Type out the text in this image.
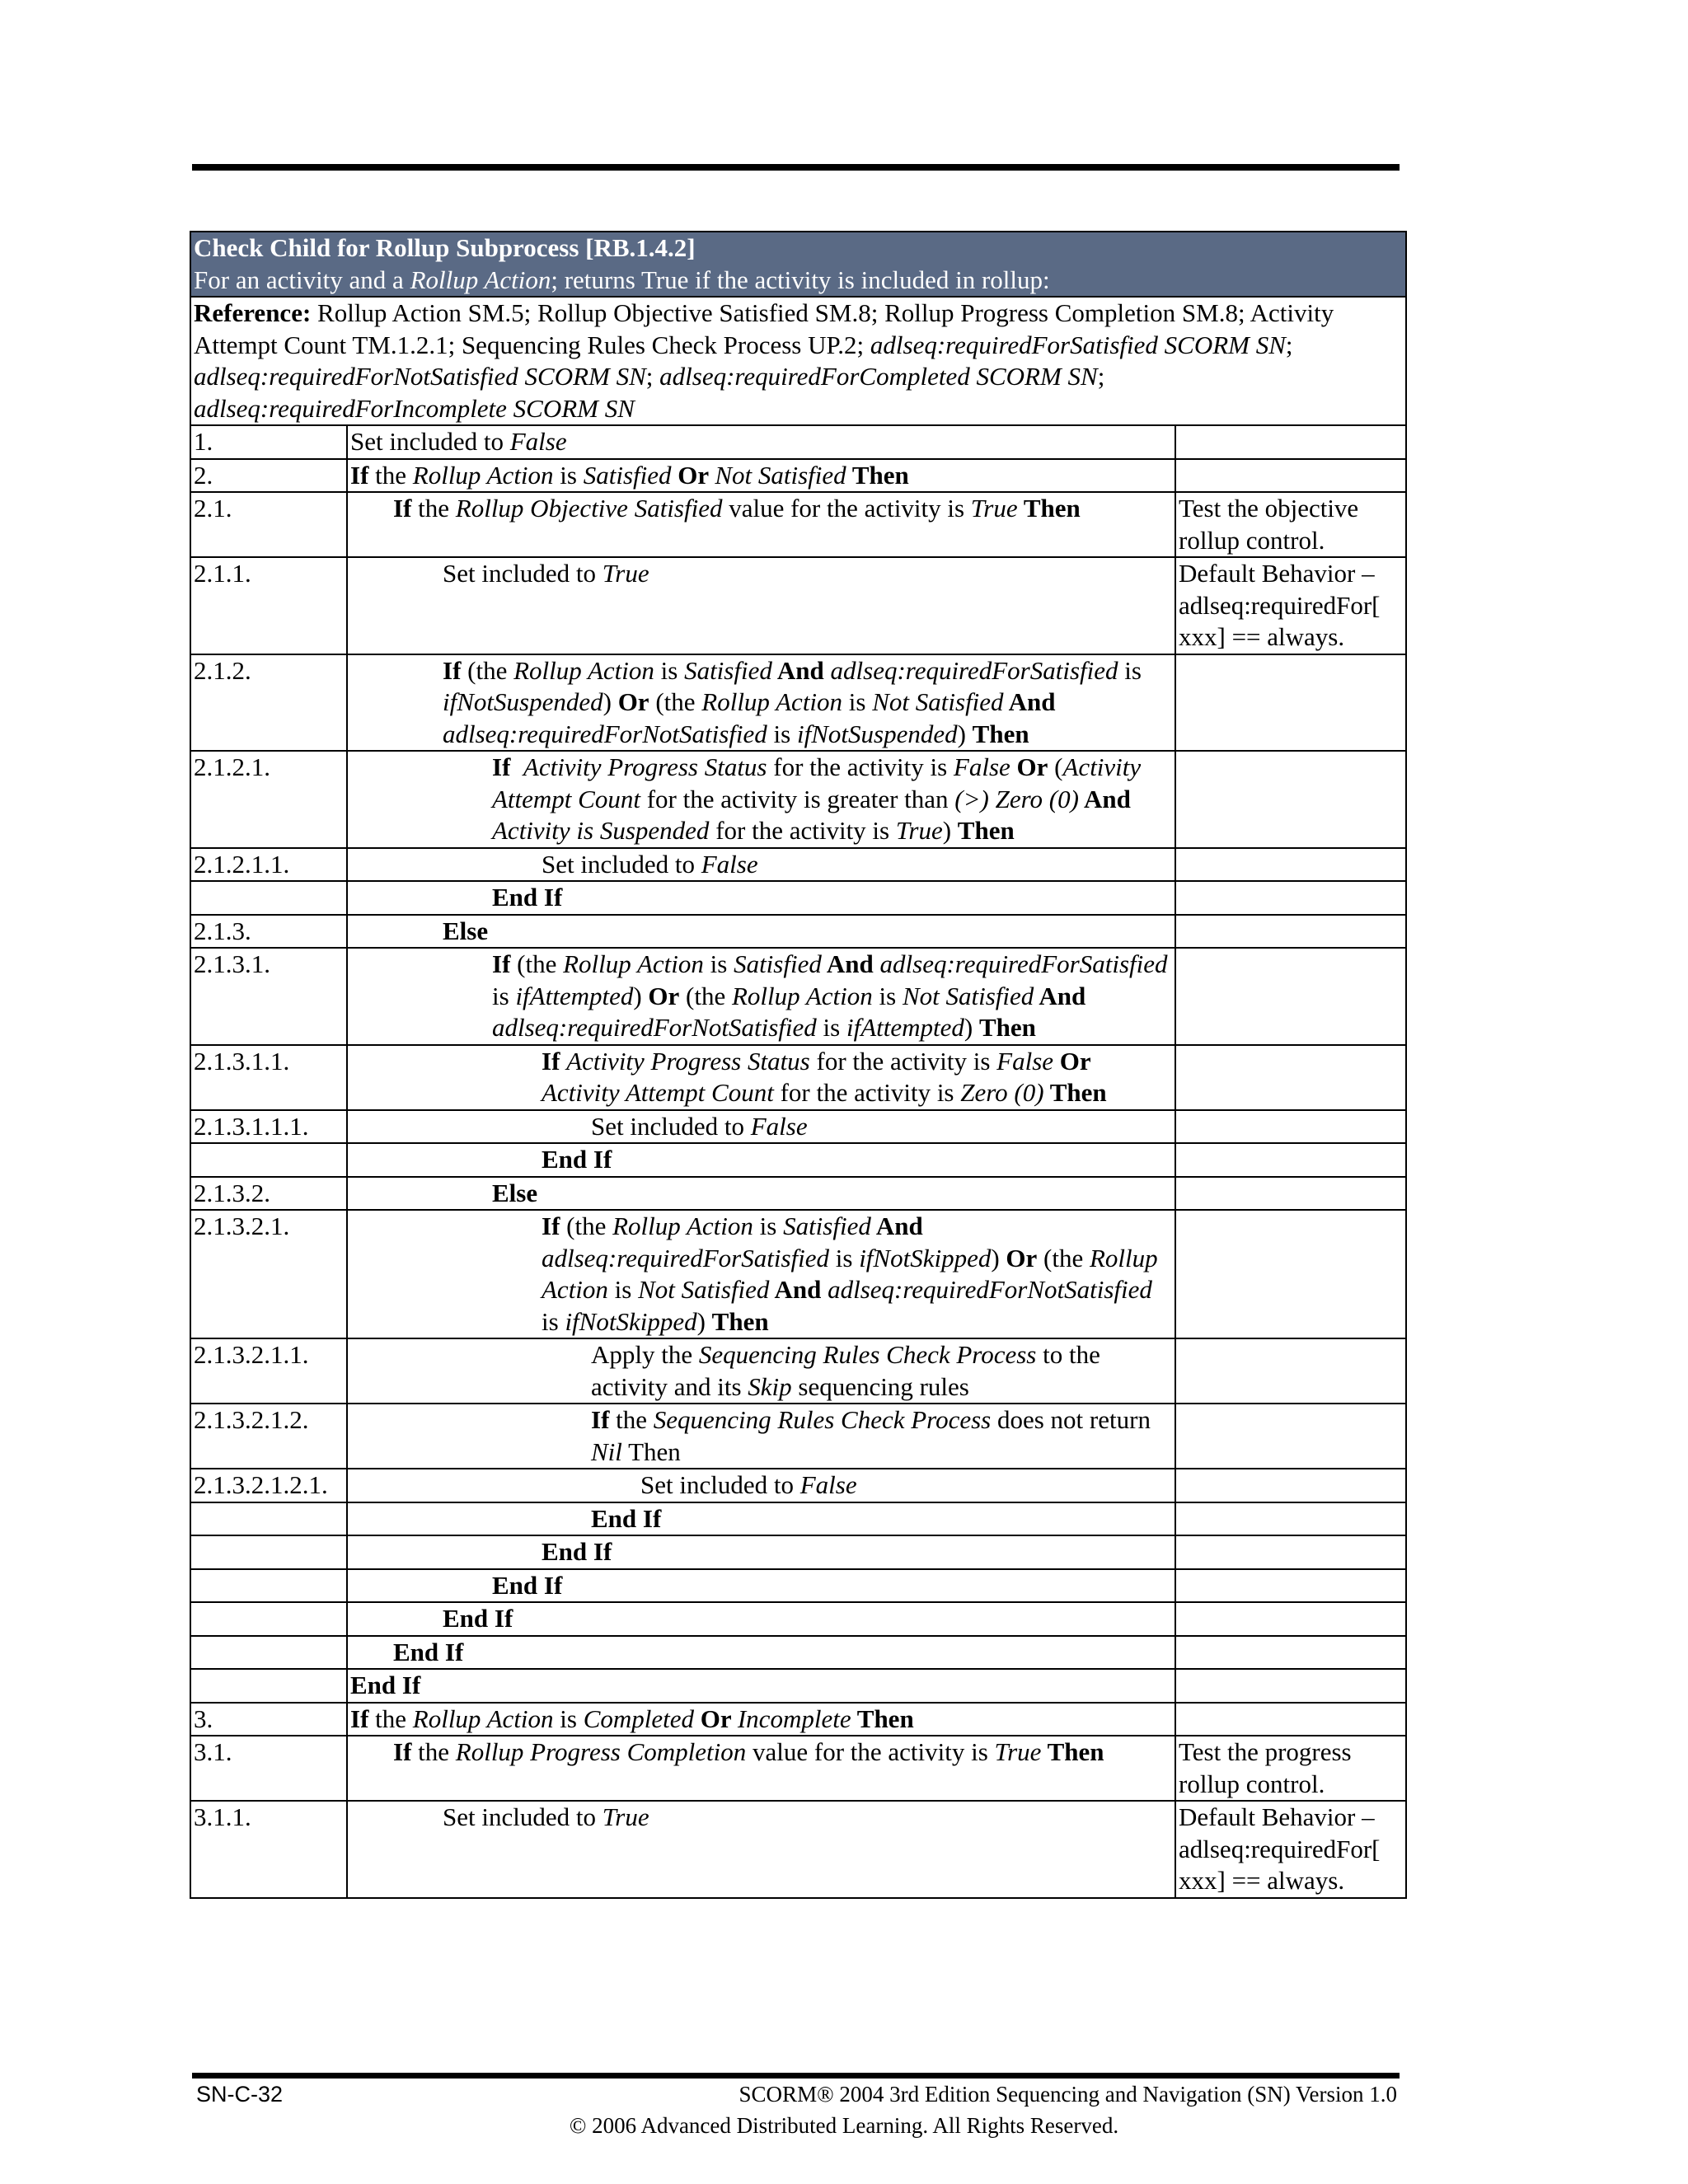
Check Child for Rollup Subprocess [RB.1.4.2]
For an activity and a Rollup Action; returns True if the activity is included in rollup:		

Reference: Rollup Action SM.5; Rollup Objective Satisfied SM.8; Rollup Progress Completion SM.8; Activity Attempt Count TM.1.2.1; Sequencing Rules Check Process UP.2; adlseq:requiredForSatisfied SCORM SN; adlseq:requiredForNotSatisfied SCORM SN; adlseq:requiredForCompleted SCORM SN; adlseq:requiredForIncomplete SCORM SN		
1.	Set included to False	
2.	If the Rollup Action is Satisfied Or Not Satisfied Then	
2.1.	If the Rollup Objective Satisfied value for the activity is True Then	Test the objective rollup control.
2.1.1.	Set included to True	Default Behavior – adlseq:requiredFor[ xxx] == always.
2.1.2.	If (the Rollup Action is Satisfied And adlseq:requiredForSatisfied is ifNotSuspended) Or (the Rollup Action is Not Satisfied And adlseq:requiredForNotSatisfied is ifNotSuspended) Then	
2.1.2.1.	If Activity Progress Status for the activity is False Or (Activity Attempt Count for the activity is greater than (>) Zero (0) And Activity is Suspended for the activity is True) Then	
2.1.2.1.1.	Set included to False	
	End If	
2.1.3.	Else	
2.1.3.1.	If (the Rollup Action is Satisfied And adlseq:requiredForSatisfied is ifAttempted) Or (the Rollup Action is Not Satisfied And adlseq:requiredForNotSatisfied is ifAttempted) Then	
2.1.3.1.1.	If Activity Progress Status for the activity is False Or Activity Attempt Count for the activity is Zero (0) Then	
2.1.3.1.1.1.	Set included to False	
	End If	
2.1.3.2.	Else	
2.1.3.2.1.	If (the Rollup Action is Satisfied And adlseq:requiredForSatisfied is ifNotSkipped) Or (the Rollup Action is Not Satisfied And adlseq:requiredForNotSatisfied is ifNotSkipped) Then	
2.1.3.2.1.1.	Apply the Sequencing Rules Check Process to the activity and its Skip sequencing rules	
2.1.3.2.1.2.	If the Sequencing Rules Check Process does not return Nil Then	
2.1.3.2.1.2.1.	Set included to False	
	End If	
	End If	
	End If	
	End If	
	End If	
	End If	
3.	If the Rollup Action is Completed Or Incomplete Then	
3.1.	If the Rollup Progress Completion value for the activity is True Then	Test the progress rollup control.
3.1.1.	Set included to True	Default Behavior – adlseq:requiredFor[ xxx] == always.
SN-C-32	SCORM® 2004 3rd Edition Sequencing and Navigation (SN) Version 1.0
© 2006 Advanced Distributed Learning. All Rights Reserved.
